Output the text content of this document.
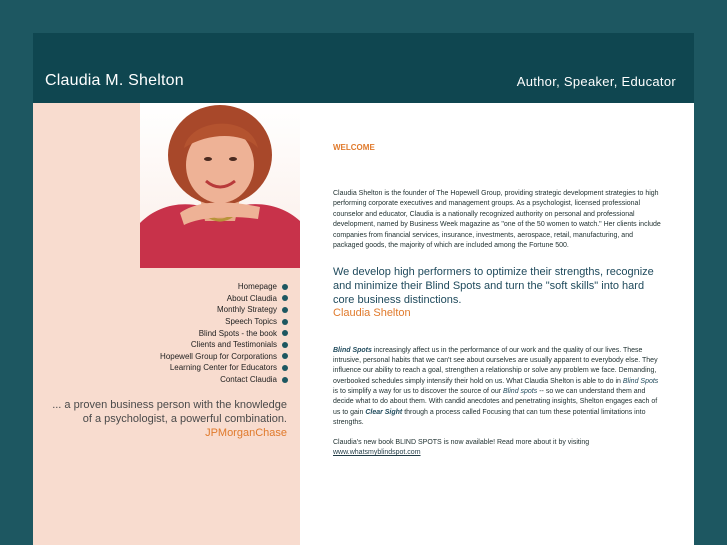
Claudia M. Shelton	Author, Speaker, Educator
Homepage
About Claudia
Monthly Strategy
Speech Topics
Blind Spots - the book
Clients and Testimonials
Hopewell Group for Corporations
Learning Center for Educators
Contact Claudia
... a proven business person with the knowledge
of a psychologist, a powerful combination.
JPMorganChase
WELCOME

Claudia Shelton is the founder of The Hopewell Group, providing strategic development strategies to high performing corporate executives and management groups. As a psychologist, licensed professional counselor and educator, Claudia is a nationally recognized authority on personal and professional development, named by Business Week magazine as "one of the 50 women to watch." Her clients include companies from financial services, insurance, investments, aerospace, retail, manufacturing, and packaged goods, the majority of which are included among the Fortune 500.

We develop high performers to optimize their strengths, recognize and minimize their Blind Spots and turn the "soft skills" into hard core business distinctions.
Claudia Shelton
Blind Spots increasingly affect us in the performance of our work and the quality of our lives. These intrusive, personal habits that we can't see about ourselves are usually apparent to everybody else. They influence our ability to reach a goal, strengthen a relationship or solve any problem we face. Demanding, overbooked schedules simply intensify their hold on us. What Claudia Shelton is able to do in Blind Spots is to simplify a way for us to discover the source of our Blind spots -- so we can understand them and decide what to do about them. With candid anecdotes and penetrating insights, Shelton engages each of us to gain Clear Sight through a process called Focusing that can turn these potential limitations into strengths.
Claudia's new book BLIND SPOTS is now available! Read more about it by visiting
www.whatsmyblindspot.com
